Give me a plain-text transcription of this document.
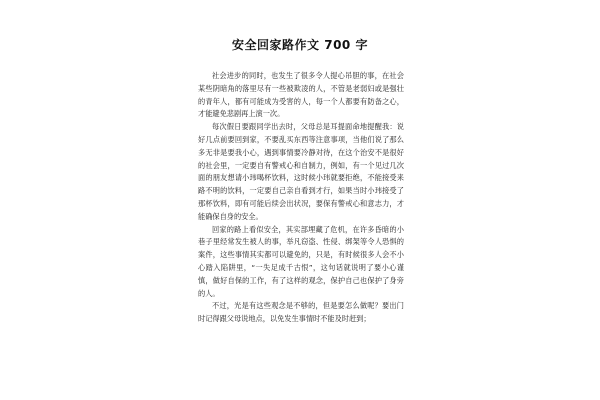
安全回家路作文 700 字

社会进步的同时，也发生了很多令人提心吊胆的事，在社会某些阴暗角的落里尽有一些被欺凌的人，不管是老弱妇或是强壮的青年人，都有可能成为受害的人，每一个人都要有防备之心，才能避免悲剧再上演一次。

每次假日要跟同学出去时，父母总是耳提面命地提醒我：说好几点前要回到家，不要乱买东西等注意事项，当他们说了那么多无非是要我小心，遇到事情要冷静对待，在这个治安不是很好的社会里，一定要自有警戒心和自制力，例如，有一个见过几次面的朋友想请小玮喝杯饮料，这时候小玮就要拒绝，不能接受来路不明的饮料，一定要自己亲自看到才行，如果当时小玮接受了那杯饮料，即有可能后续会出状况，要保有警戒心和意志力，才能确保自身的安全。

回家的路上看似安全，其实部埋藏了危机，在许多昏暗的小巷子里经常发生被人的事，举凡窃盗、性侵、绑架等令人恐惧的案件，这些事情其实都可以避免的，只是，有时候很多人会不小心踏入陷阱里，“一失足成千古恨”，这句话就说明了要小心谨慎，做好自保的工作，有了这样的观念，保护自己也保护了身旁的人。

不过，光是有这些观念是不够的，但是要怎么做呢？要出门时记得跟父母说地点，以免发生事情时不能及时赶到；
